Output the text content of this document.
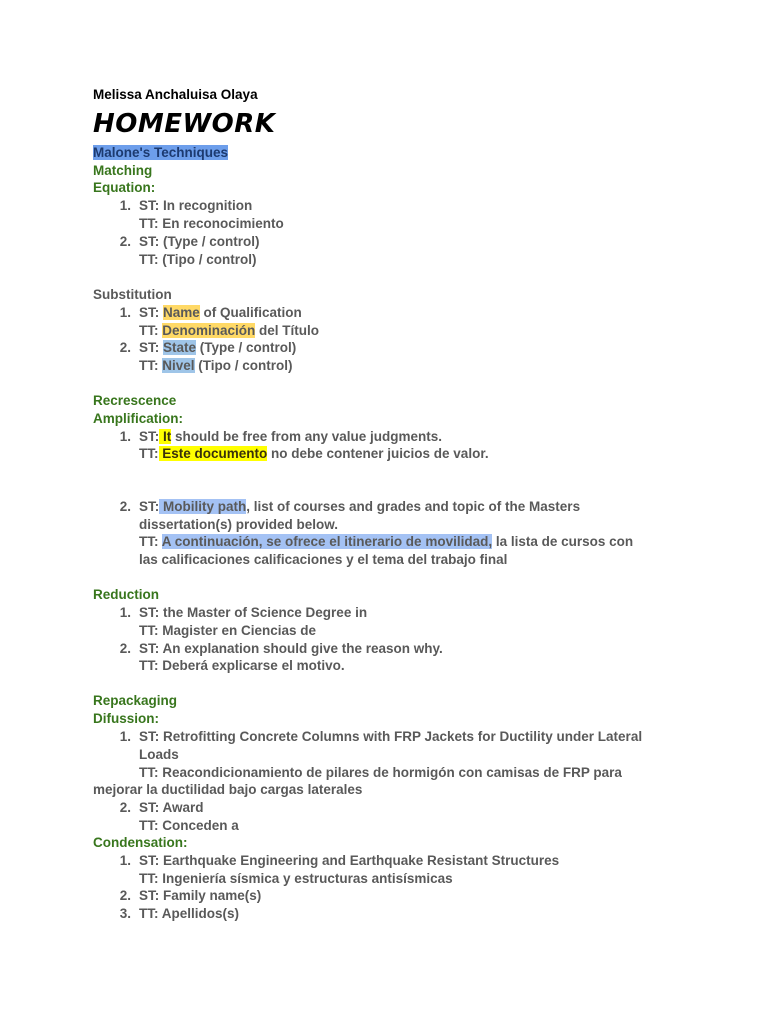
Melissa Anchaluisa Olaya
HOMEWORK
Malone's Techniques
Matching
Equation:
1. ST: In recognition
TT: En reconocimiento
2. ST: (Type / control)
TT: (Tipo / control)
Substitution
1. ST: Name of Qualification
TT: Denominación del Título
2. ST: State (Type / control)
TT: Nivel (Tipo / control)
Recrescence
Amplification:
1. ST: It should be free from any value judgments.
TT: Este documento no debe contener juicios de valor.
2. ST: Mobility path, list of courses and grades and topic of the Masters
dissertation(s) provided below.
TT: A continuación, se ofrece el itinerario de movilidad, la lista de cursos con
las calificaciones calificaciones y el tema del trabajo final
Reduction
1. ST: the Master of Science Degree in
TT: Magister en Ciencias de
2. ST: An explanation should give the reason why.
TT: Deberá explicarse el motivo.
Repackaging
Difussion:
1. ST: Retrofitting Concrete Columns with FRP Jackets for Ductility under Lateral
Loads
TT: Reacondicionamiento de pilares de hormigón con camisas de FRP para
mejorar la ductilidad bajo cargas laterales
2. ST: Award
TT: Conceden a
Condensation:
1. ST: Earthquake Engineering and Earthquake Resistant Structures
TT: Ingeniería sísmica y estructuras antisísmicas
2. ST: Family name(s)
3. TT: Apellidos(s)
